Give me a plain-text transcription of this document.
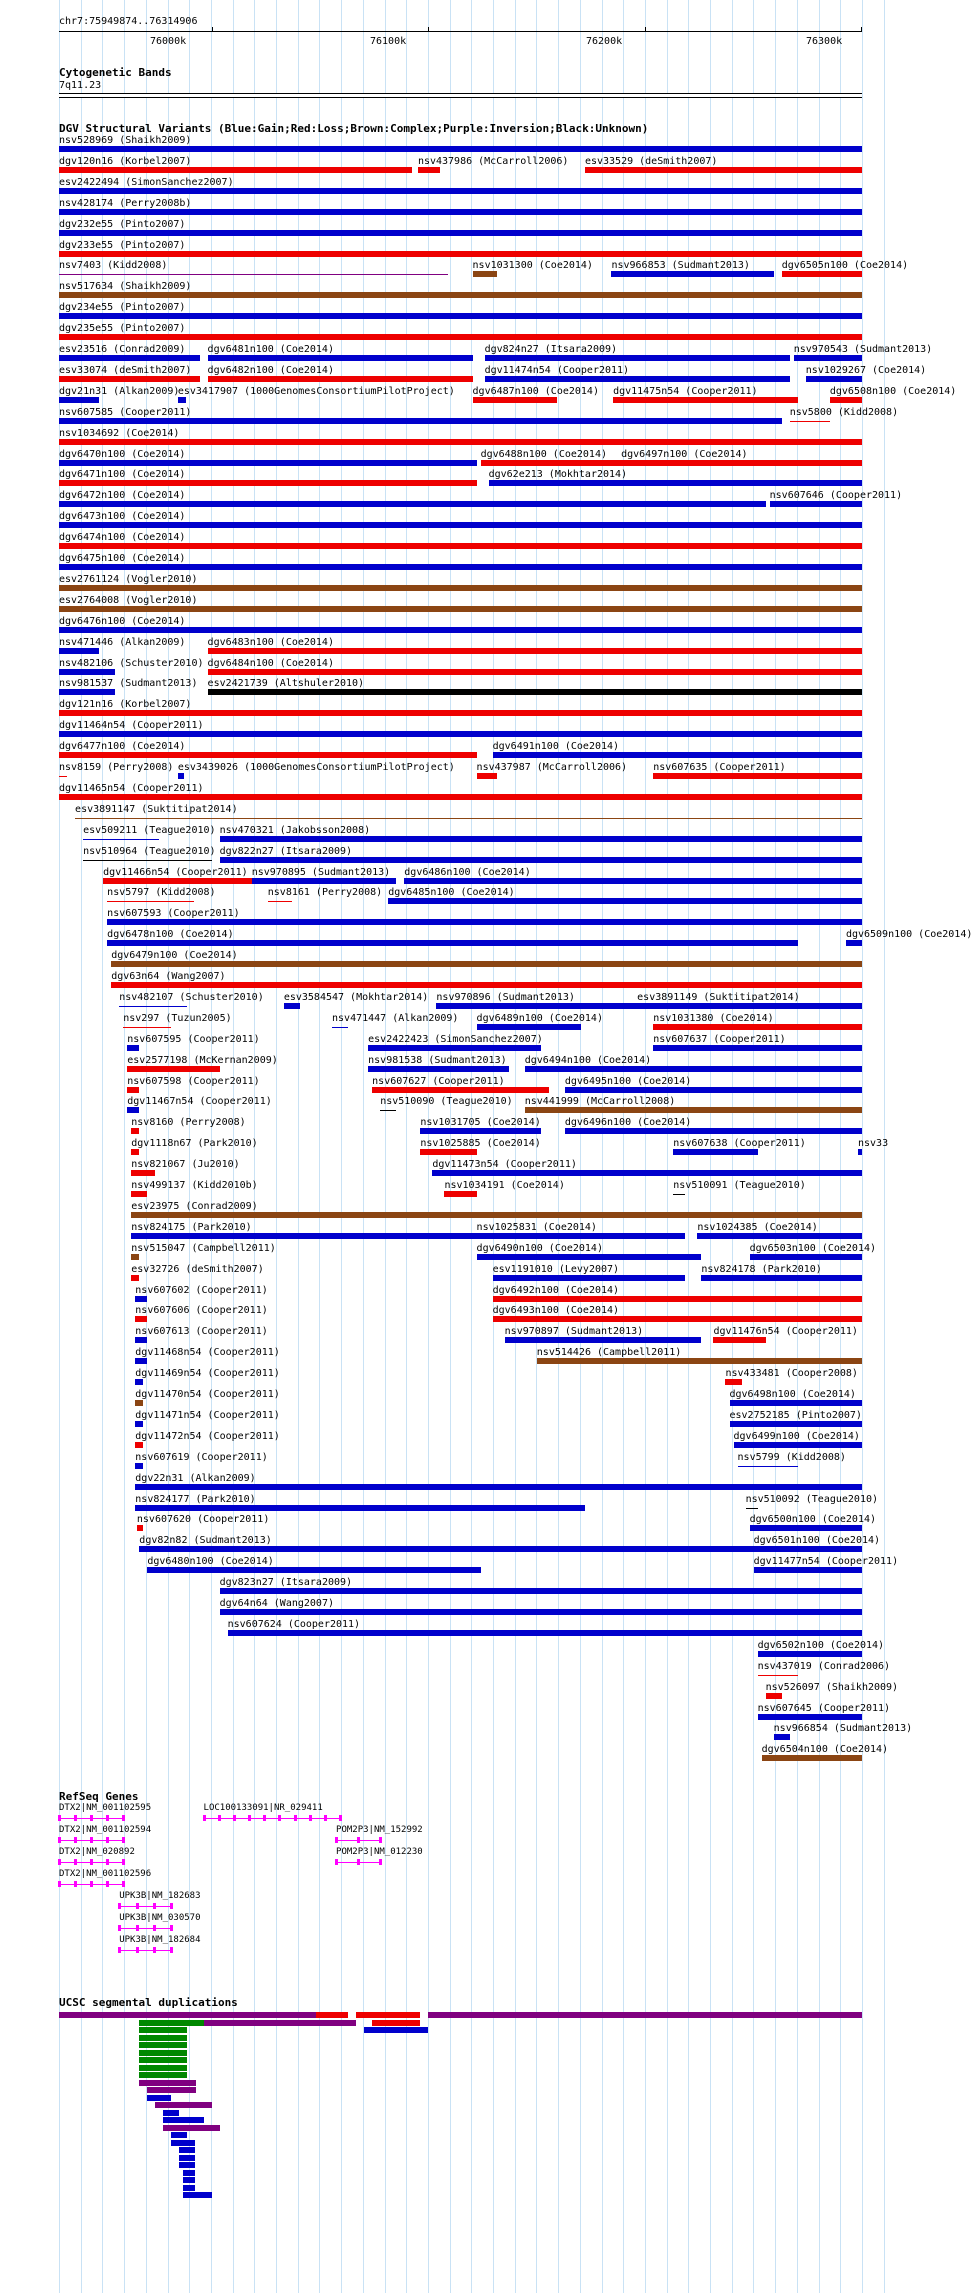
chr7:75949874..76314906
76000k	76100k	76200k	76300k
Cytogenetic Bands
7q11.23
DGV Structural Variants (Blue:Gain;Red:Loss;Brown:Complex;Purple:Inversion;Black:Unknown)
nsv528969 (Shaikh2009)
dgv120n16 (Korbel2007)	nsv437986 (McCarroll2006) esv33529 (deSmith2007)
esv2422494 (SimonSanchez2007)
nsv428174 (Perry2008b)
dgv232e55 (Pinto2007)
dgv233e55 (Pinto2007)
nsv7403 (Kidd2008)	nsv1031300 (Coe2014) nsv966853 (Sudmant2013)	dgv6505n100 (Coe2014)
nsv517634 (Shaikh2009)
dgv234e55 (Pinto2007)
dgv235e55 (Pinto2007)
esv23516 (Conrad2009) dgv6481n100 (Coe2014)	dgv824n27 (Itsara2009)	nsv970543 (Sudmant2013)
esv33074 (deSmith2007) dgv6482n100 (Coe2014)	dgv11474n54 (Cooper2011)	nsv1029267 (Coe2014)
dgv21n31 (Alkan2009)
esv3417907 (1000GenomesConsortiumPilotProject) dgv6487n100 (Coe2014) dgv11475n54 (Cooper2011)	dgv6508n100 (Coe2014)
nsv607585 (Cooper2011)	nsv5800 (Kidd2008)
nsv1034692 (Coe2014)
dgv6470n100 (Coe2014)	dgv6488n100 (Coe2014) dgv6497n100 (Coe2014)
dgv6471n100 (Coe2014)	dgv62e213 (Mokhtar2014)
dgv6472n100 (Coe2014)	nsv607646 (Cooper2011)
dgv6473n100 (Coe2014)
dgv6474n100 (Coe2014)
dgv6475n100 (Coe2014)
esv2761124 (Vogler2010)
esv2764008 (Vogler2010)
dgv6476n100 (Coe2014)
nsv471446 (Alkan2009) dgv6483n100 (Coe2014)
nsv482106 (Schuster2010) dgv6484n100 (Coe2014)
nsv981537 (Sudmant2013) esv2421739 (Altshuler2010)
dgv121n16 (Korbel2007)
dgv11464n54 (Cooper2011)
dgv6477n100 (Coe2014)	dgv6491n100 (Coe2014)
nsv8159 (Perry2008) esv3439026 (1000GenomesConsortiumPilotProject) nsv437987 (McCarroll2006)	nsv607635 (Cooper2011)
dgv11465n54 (Cooper2011)
esv3891147 (Suktitipat2014)
esv509211 (Teague2010) nsv470321 (Jakobsson2008)
nsv510964 (Teague2010) dgv822n27 (Itsara2009)
dgv11466n54 (Cooper2011) nsv970895 (Sudmant2013) dgv6486n100 (Coe2014)
nsv5797 (Kidd2008)	nsv8161 (Perry2008) dgv6485n100 (Coe2014)
nsv607593 (Cooper2011)
dgv6478n100 (Coe2014)	dgv6509n100 (Coe2014)
dgv6479n100 (Coe2014)
dgv63n64 (Wang2007)
nsv482107 (Schuster2010) esv3584547 (Mokhtar2014) nsv970896 (Sudmant2013)	esv3891149 (Suktitipat2014)
nsv297 (Tuzun2005)	nsv471447 (Alkan2009) dgv6489n100 (Coe2014)	nsv1031380 (Coe2014)
nsv607595 (Cooper2011)	esv2422423 (SimonSanchez2007)	nsv607637 (Cooper2011)
esv2577198 (McKernan2009)	nsv981538 (Sudmant2013) dgv6494n100 (Coe2014)
nsv607598 (Cooper2011)	nsv607627 (Cooper2011)	dgv6495n100 (Coe2014)
dgv11467n54 (Cooper2011)	nsv510090 (Teague2010) nsv441999 (McCarroll2008)
nsv8160 (Perry2008)	nsv1031705 (Coe2014) dgv6496n100 (Coe2014)
dgv1118n67 (Park2010)	nsv1025885 (Coe2014)	nsv607638 (Cooper2011)	nsv33
nsv821067 (Ju2010)	dgv11473n54 (Cooper2011)
nsv499137 (Kidd2010b)	nsv1034191 (Coe2014)	nsv510091 (Teague2010)
esv23975 (Conrad2009)
nsv824175 (Park2010)	nsv1025831 (Coe2014)	nsv1024385 (Coe2014)
nsv515047 (Campbell2011)	dgv6490n100 (Coe2014)	dgv6503n100 (Coe2014)
esv32726 (deSmith2007)	esv1191010 (Levy2007)	nsv824178 (Park2010)
nsv607602 (Cooper2011)	dgv6492n100 (Coe2014)
nsv607606 (Cooper2011)	dgv6493n100 (Coe2014)
nsv607613 (Cooper2011)	nsv970897 (Sudmant2013)	dgv11476n54 (Cooper2011)
dgv11468n54 (Cooper2011)	nsv514426 (Campbell2011)
dgv11469n54 (Cooper2011)	nsv433481 (Cooper2008)
dgv11470n54 (Cooper2011)	dgv6498n100 (Coe2014)
dgv11471n54 (Cooper2011)	esv2752185 (Pinto2007)
dgv11472n54 (Cooper2011)	dgv6499n100 (Coe2014)
nsv607619 (Cooper2011)	nsv5799 (Kidd2008)
dgv22n31 (Alkan2009)
nsv824177 (Park2010)	nsv510092 (Teague2010)
nsv607620 (Cooper2011)	dgv6500n100 (Coe2014)
dgv82n82 (Sudmant2013)	dgv6501n100 (Coe2014)
dgv6480n100 (Coe2014)	dgv11477n54 (Cooper2011)
dgv823n27 (Itsara2009)
dgv64n64 (Wang2007)
nsv607624 (Cooper2011)
dgv6502n100 (Coe2014)
nsv437019 (Conrad2006)
nsv526097 (Shaikh2009)
nsv607645 (Cooper2011)
nsv966854 (Sudmant2013)
dgv6504n100 (Coe2014)
RefSeq Genes
DTX2|NM_001102595	LOC100133091|NR_029411
DTX2|NM_001102594	POM2P3|NM_152992
DTX2|NM_020892	POM2P3|NM_012230
DTX2|NM_001102596
UPK3B|NM_182683
UPK3B|NM_030570
UPK3B|NM_182684
UCSC segmental duplications
